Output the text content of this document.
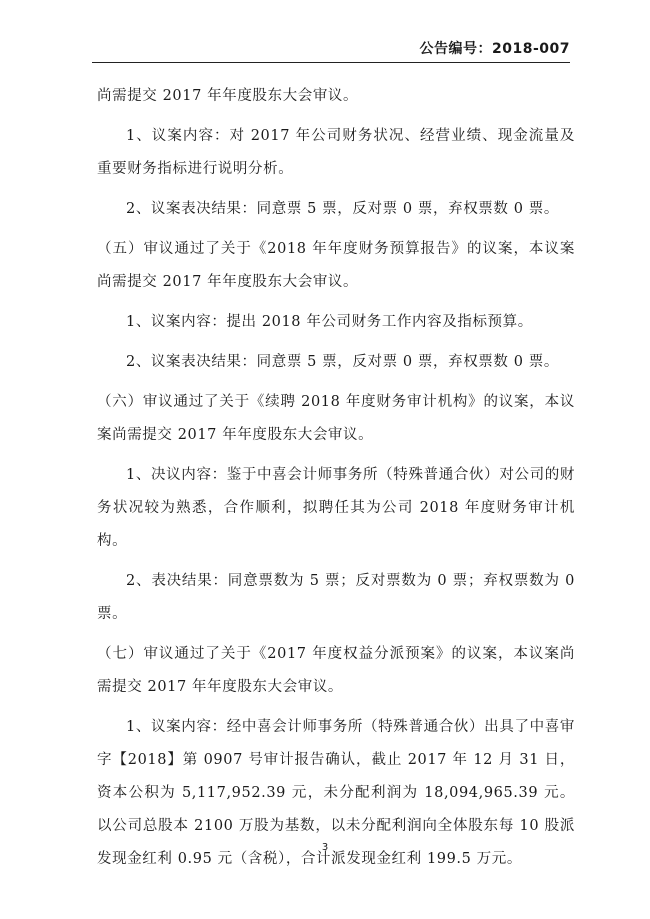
公告编号：2018-007

尚需提交 2017 年年度股东大会审议。

1、议案内容：对 2017 年公司财务状况、经营业绩、现金流量及重要财务指标进行说明分析。

2、议案表决结果：同意票 5 票，反对票 0 票，弃权票数 0 票。

（五）审议通过了关于《2018 年年度财务预算报告》的议案，本议案尚需提交 2017 年年度股东大会审议。

1、议案内容：提出 2018 年公司财务工作内容及指标预算。

2、议案表决结果：同意票 5 票，反对票 0 票，弃权票数 0 票。

（六）审议通过了关于《续聘 2018 年度财务审计机构》的议案，本议案尚需提交 2017 年年度股东大会审议。

1、决议内容：鉴于中喜会计师事务所（特殊普通合伙）对公司的财务状况较为熟悉，合作顺利，拟聘任其为公司 2018 年度财务审计机构。

2、表决结果：同意票数为 5 票；反对票数为 0 票；弃权票数为 0 票。

（七）审议通过了关于《2017 年度权益分派预案》的议案，本议案尚需提交 2017 年年度股东大会审议。

1、议案内容：经中喜会计师事务所（特殊普通合伙）出具了中喜审字【2018】第 0907 号审计报告确认，截止 2017 年 12 月 31 日，资本公积为 5,117,952.39 元，未分配利润为 18,094,965.39 元。以公司总股本 2100 万股为基数，以未分配利润向全体股东每 10 股派发现金红利 0.95 元（含税），合计派发现金红利 199.5 万元。

3
